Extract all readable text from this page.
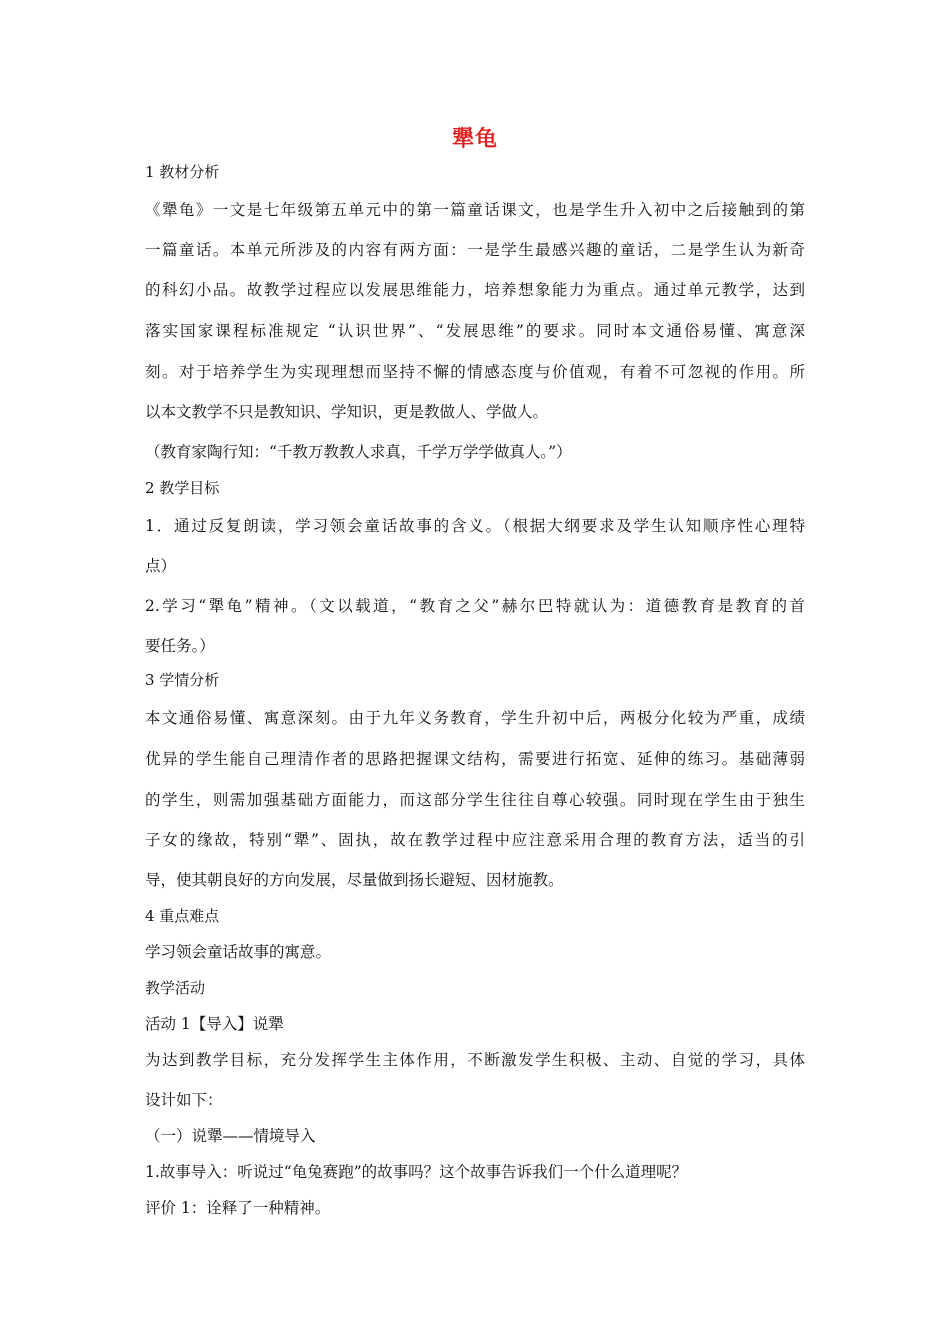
犟龟
1 教材分析
《犟龟》一文是七年级第五单元中的第一篇童话课文，也是学生升入初中之后接触到的第
一篇童话。本单元所涉及的内容有两方面：一是学生最感兴趣的童话，二是学生认为新奇
的科幻小品。故教学过程应以发展思维能力，培养想象能力为重点。通过单元教学，达到
落实国家课程标准规定 “认识世界”、“发展思维”的要求。同时本文通俗易懂、寓意深
刻。对于培养学生为实现理想而坚持不懈的情感态度与价值观，有着不可忽视的作用。所
以本文教学不只是教知识、学知识，更是教做人、学做人。
（教育家陶行知：“千教万教教人求真，千学万学学做真人。”）
2 教学目标
1．通过反复朗读，学习领会童话故事的含义。（根据大纲要求及学生认知顺序性心理特
点）
2.学习“犟龟”精神。（文以载道，“教育之父”赫尔巴特就认为：道德教育是教育的首
要任务。）
3 学情分析
本文通俗易懂、寓意深刻。由于九年义务教育，学生升初中后，两极分化较为严重，成绩
优异的学生能自己理清作者的思路把握课文结构，需要进行拓宽、延伸的练习。基础薄弱
的学生，则需加强基础方面能力，而这部分学生往往自尊心较强。同时现在学生由于独生
子女的缘故，特别“犟”、固执，故在教学过程中应注意采用合理的教育方法，适当的引
导，使其朝良好的方向发展，尽量做到扬长避短、因材施教。
4 重点难点
学习领会童话故事的寓意。
教学活动
活动 1【导入】说犟
为达到教学目标，充分发挥学生主体作用，不断激发学生积极、主动、自觉的学习，具体
设计如下：
（一）说犟——情境导入
1.故事导入：听说过“龟兔赛跑”的故事吗？这个故事告诉我们一个什么道理呢？
评价 1：诠释了一种精神。
